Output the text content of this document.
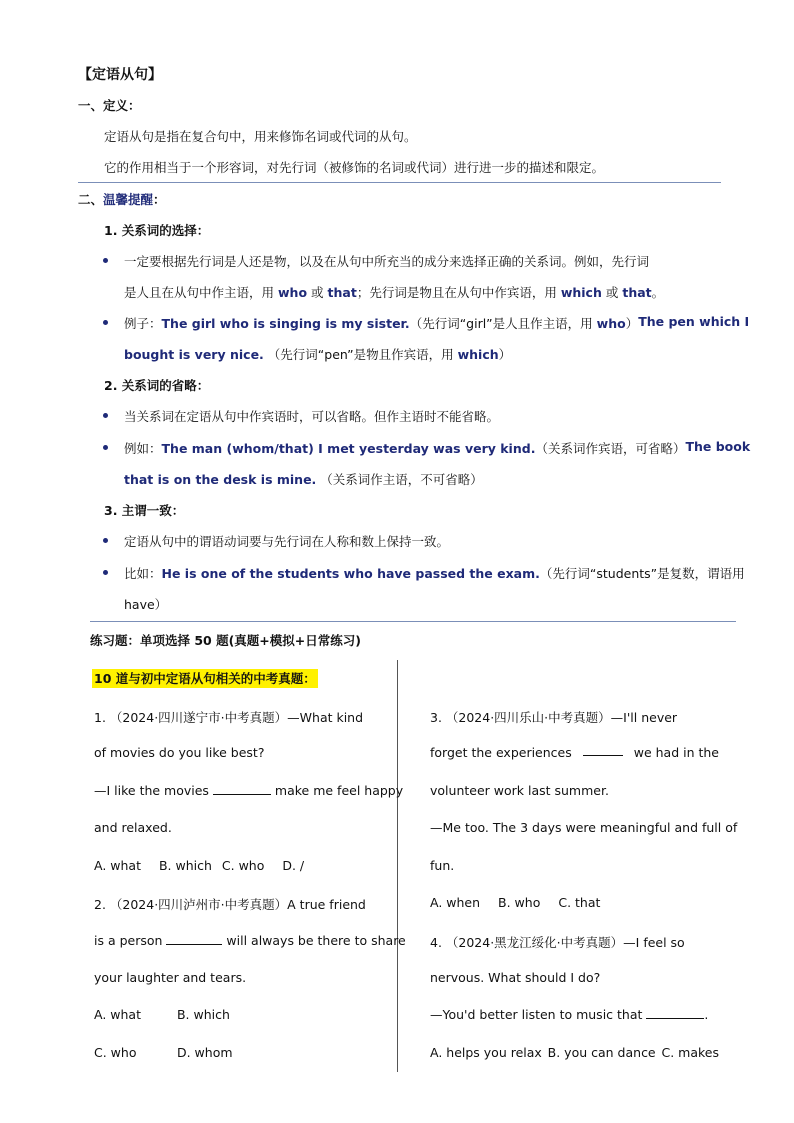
【定语从句】
一、定义：
定语从句是指在复合句中，用来修饰名词或代词的从句。
它的作用相当于一个形容词，对先行词（被修饰的名词或代词）进行进一步的描述和限定。
二、温馨提醒：
1. 关系词的选择：
一定要根据先行词是人还是物，以及在从句中所充当的成分来选择正确的关系词。例如，先行词
是人且在从句中作主语，用 who 或 that；先行词是物且在从句中作宾语，用 which 或 that。
例子：The girl who is singing is my sister. （先行词“girl”是人且作主语，用 who） The pen which I
bought is very nice. （先行词“pen”是物且作宾语，用 which）
2. 关系词的省略：
当关系词在定语从句中作宾语时，可以省略。但作主语时不能省略。
例如：The man (whom/that) I met yesterday was very kind. （关系词作宾语，可省略） The book
that is on the desk is mine. （关系词作主语，不可省略）
3. 主谓一致：
定语从句中的谓语动词要与先行词在人称和数上保持一致。
比如：He is one of the students who have passed the exam. （先行词“students”是复数，谓语用
have）
练习题：单项选择 50 题(真题+模拟+日常练习)
10 道与初中定语从句相关的中考真题：
1. （2024·四川遂宁市·中考真题）—What kind
of movies do you like best?
—I like the movies	make me feel happy
and relaxed.
A. what B. which C. who D. /
2. （2024·四川泸州市·中考真题）A true friend
is a person	will always be there to share
your laughter and tears.
A. what	B. which
C. who	D. whom
3. （2024·四川乐山·中考真题）—I'll never
forget the experiences	we had in the
volunteer work last summer.
—Me too. The 3 days were meaningful and full of
fun.
A. when B. who C. that
4. （2024·黑龙江绥化·中考真题）—I feel so
nervous. What should I do?
—You'd better listen to music that	.
A. helps you relax B. you can dance C. makes
